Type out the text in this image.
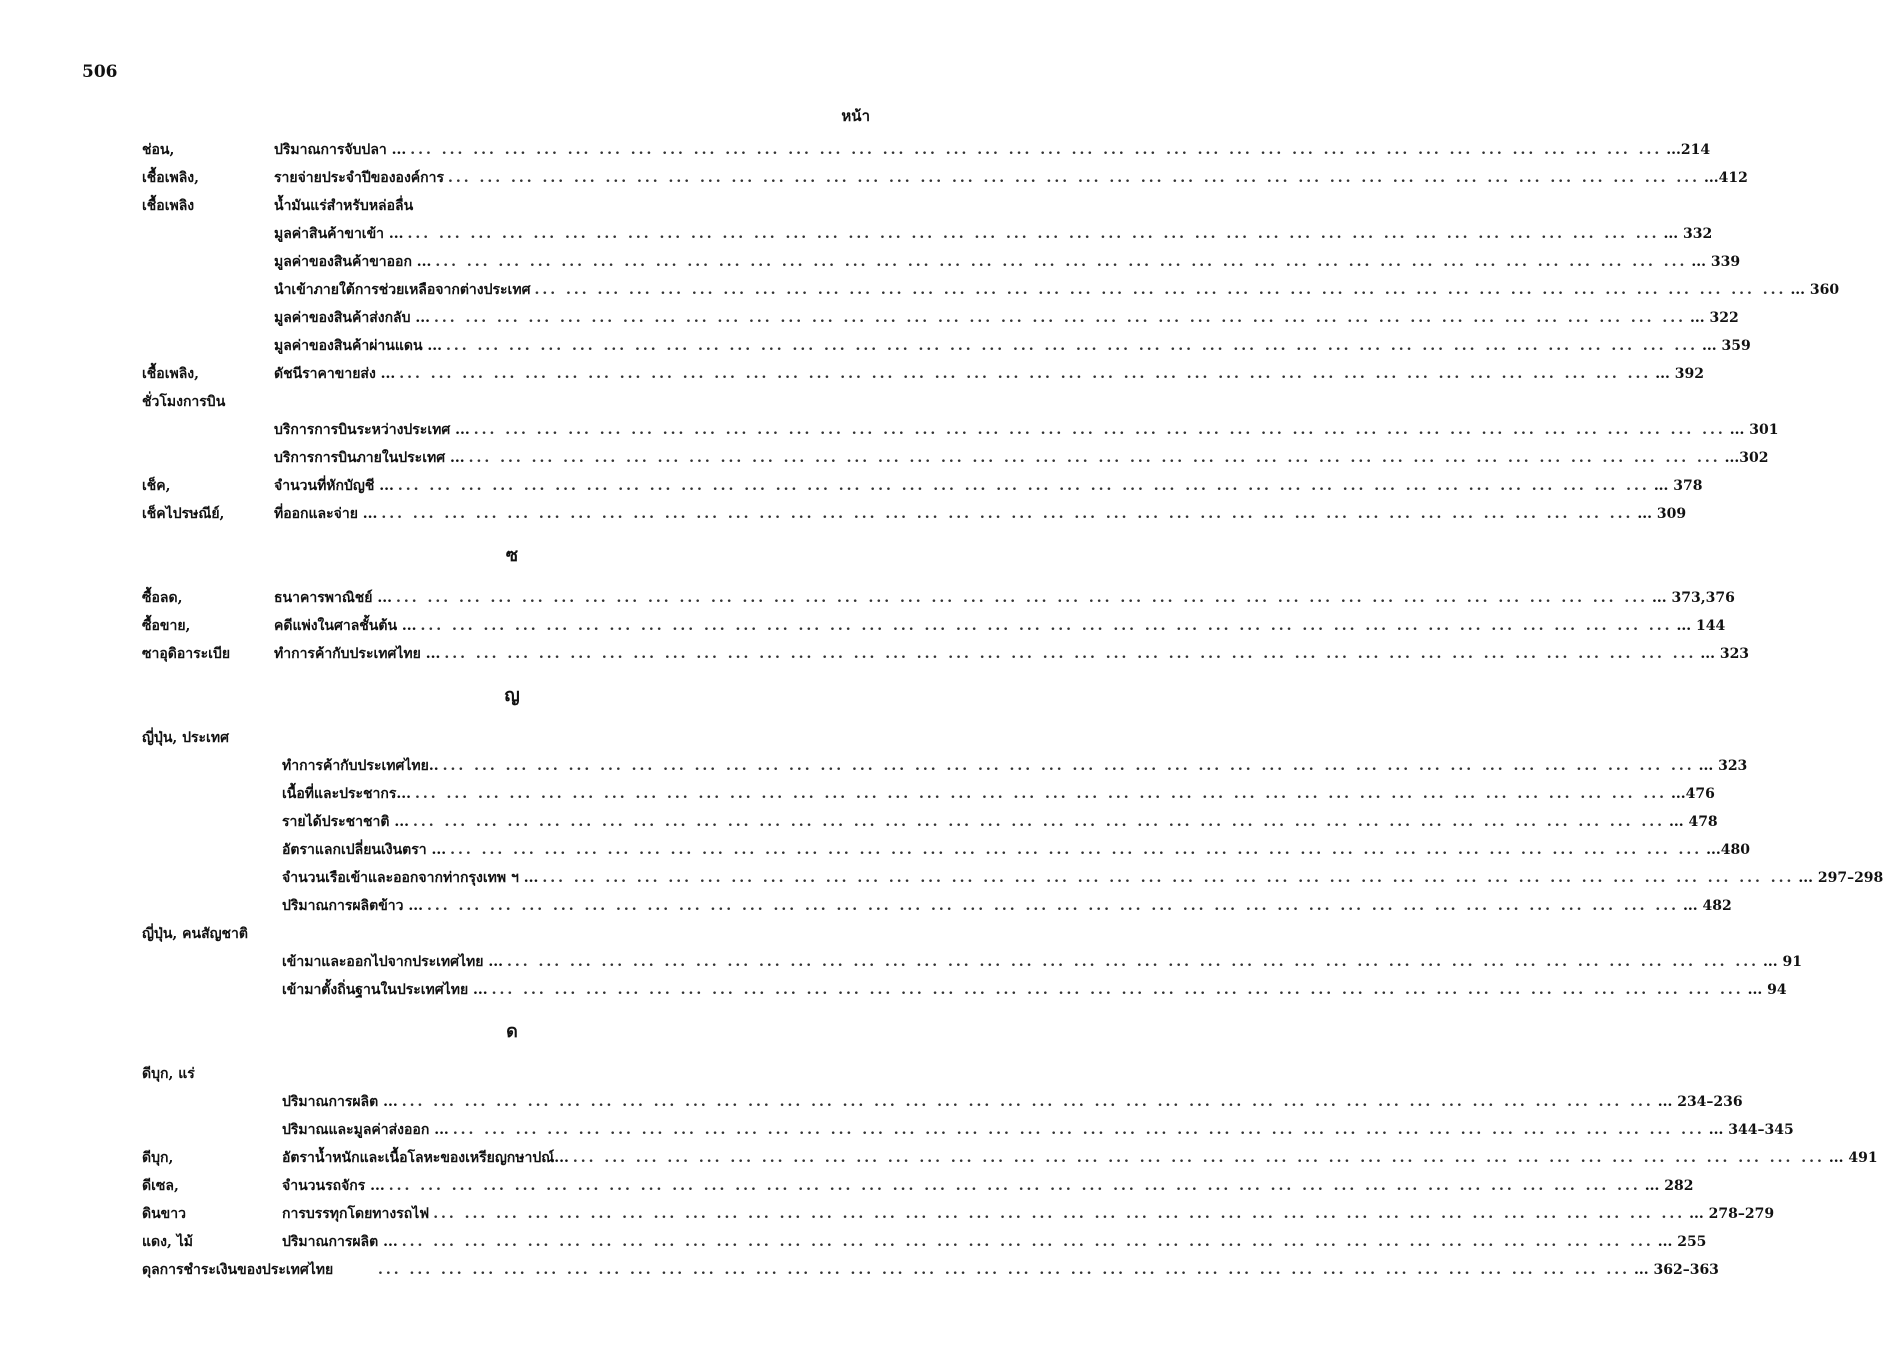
506
หน้า
ช่อน,	ปริมาณการจับปลา ... ... ... ... ... ... ... ... ... ... ... ... ... ... ... ... ... ... ... ... ... ... ... ... ... ... ... ... ... ... ... ... ... ... ... ... ... ... ... ... ... ...214
เชื้อเพลิง,	รายจ่ายประจำปีขององค์การ ... ... ... ... ... ... ... ... ... ... ... ... ... ... ... ... ... ... ... ... ... ... ... ... ... ... ... ... ... ... ... ... ... ... ... ... ... ... ... ... ...412
เชื้อเพลิง	น้ำมันแร่สำหรับหล่อลื่น
มูลค่าสินค้าขาเข้า ... ... ... ... ... ... ... ... ... ... ... ... ... ... ... ... ... ... ... ... ... ... ... ... ... ... ... ... ... ... ... ... ... ... ... ... ... ... ... ... ... ... 332
มูลค่าของสินค้าขาออก ... ... ... ... ... ... ... ... ... ... ... ... ... ... ... ... ... ... ... ... ... ... ... ... ... ... ... ... ... ... ... ... ... ... ... ... ... ... ... ... ... ... 339
นำเข้าภายใต้การช่วยเหลือจากต่างประเทศ ... ... ... ... ... ... ... ... ... ... ... ... ... ... ... ... ... ... ... ... ... ... ... ... ... ... ... ... ... ... ... ... ... ... ... ... ... ... ... ... ... 360
มูลค่าของสินค้าส่งกลับ ... ... ... ... ... ... ... ... ... ... ... ... ... ... ... ... ... ... ... ... ... ... ... ... ... ... ... ... ... ... ... ... ... ... ... ... ... ... ... ... ... ... 322
มูลค่าของสินค้าผ่านแดน ... ... ... ... ... ... ... ... ... ... ... ... ... ... ... ... ... ... ... ... ... ... ... ... ... ... ... ... ... ... ... ... ... ... ... ... ... ... ... ... ... ... 359
เชื้อเพลิง,	ดัชนีราคาขายส่ง ... ... ... ... ... ... ... ... ... ... ... ... ... ... ... ... ... ... ... ... ... ... ... ... ... ... ... ... ... ... ... ... ... ... ... ... ... ... ... ... ... ... 392
ชั่วโมงการบิน
บริการการบินระหว่างประเทศ ... ... ... ... ... ... ... ... ... ... ... ... ... ... ... ... ... ... ... ... ... ... ... ... ... ... ... ... ... ... ... ... ... ... ... ... ... ... ... ... ... ... 301
บริการการบินภายในประเทศ ... ... ... ... ... ... ... ... ... ... ... ... ... ... ... ... ... ... ... ... ... ... ... ... ... ... ... ... ... ... ... ... ... ... ... ... ... ... ... ... ... ...302
เช็ค,	จำนวนที่หักบัญชี ... ... ... ... ... ... ... ... ... ... ... ... ... ... ... ... ... ... ... ... ... ... ... ... ... ... ... ... ... ... ... ... ... ... ... ... ... ... ... ... ... ... 378
เช็คไปรษณีย์,	ที่ออกและจ่าย ... ... ... ... ... ... ... ... ... ... ... ... ... ... ... ... ... ... ... ... ... ... ... ... ... ... ... ... ... ... ... ... ... ... ... ... ... ... ... ... ... ... 309
ซ
ซื้อลด,	ธนาคารพาณิชย์ ... ... ... ... ... ... ... ... ... ... ... ... ... ... ... ... ... ... ... ... ... ... ... ... ... ... ... ... ... ... ... ... ... ... ... ... ... ... ... ... ... ... 373,376
ซื้อขาย,	คดีแพ่งในศาลชั้นต้น ... ... ... ... ... ... ... ... ... ... ... ... ... ... ... ... ... ... ... ... ... ... ... ... ... ... ... ... ... ... ... ... ... ... ... ... ... ... ... ... ... ... 144
ซาอุดิอาระเบีย	ทำการค้ากับประเทศไทย ... ... ... ... ... ... ... ... ... ... ... ... ... ... ... ... ... ... ... ... ... ... ... ... ... ... ... ... ... ... ... ... ... ... ... ... ... ... ... ... ... ... 323
ญ
ญี่ปุ่น, ประเทศ
ทำการค้ากับประเทศไทย.. ... ... ... ... ... ... ... ... ... ... ... ... ... ... ... ... ... ... ... ... ... ... ... ... ... ... ... ... ... ... ... ... ... ... ... ... ... ... ... ... ... 323
เนื้อที่และประชากร... ... ... ... ... ... ... ... ... ... ... ... ... ... ... ... ... ... ... ... ... ... ... ... ... ... ... ... ... ... ... ... ... ... ... ... ... ... ... ... ... ...476
รายได้ประชาชาติ ... ... ... ... ... ... ... ... ... ... ... ... ... ... ... ... ... ... ... ... ... ... ... ... ... ... ... ... ... ... ... ... ... ... ... ... ... ... ... ... ... ... 478
อัตราแลกเปลี่ยนเงินตรา ... ... ... ... ... ... ... ... ... ... ... ... ... ... ... ... ... ... ... ... ... ... ... ... ... ... ... ... ... ... ... ... ... ... ... ... ... ... ... ... ... ...480
จำนวนเรือเข้าและออกจากท่ากรุงเทพ ฯ ... ... ... ... ... ... ... ... ... ... ... ... ... ... ... ... ... ... ... ... ... ... ... ... ... ... ... ... ... ... ... ... ... ... ... ... ... ... ... ... ... ... 297–298
ปริมาณการผลิตข้าว ... ... ... ... ... ... ... ... ... ... ... ... ... ... ... ... ... ... ... ... ... ... ... ... ... ... ... ... ... ... ... ... ... ... ... ... ... ... ... ... ... ... 482
ญี่ปุ่น, คนสัญชาติ
เข้ามาและออกไปจากประเทศไทย ... ... ... ... ... ... ... ... ... ... ... ... ... ... ... ... ... ... ... ... ... ... ... ... ... ... ... ... ... ... ... ... ... ... ... ... ... ... ... ... ... ... 91
เข้ามาตั้งถิ่นฐานในประเทศไทย ... ... ... ... ... ... ... ... ... ... ... ... ... ... ... ... ... ... ... ... ... ... ... ... ... ... ... ... ... ... ... ... ... ... ... ... ... ... ... ... ... ... 94
ด
ดีบุก, แร่
ปริมาณการผลิต ... ... ... ... ... ... ... ... ... ... ... ... ... ... ... ... ... ... ... ... ... ... ... ... ... ... ... ... ... ... ... ... ... ... ... ... ... ... ... ... ... ... 234–236
ปริมาณและมูลค่าส่งออก ... ... ... ... ... ... ... ... ... ... ... ... ... ... ... ... ... ... ... ... ... ... ... ... ... ... ... ... ... ... ... ... ... ... ... ... ... ... ... ... ... ... 344–345
ดีบุก,	อัตราน้ำหนักและเนื้อโลหะของเหรียญกษาปณ์... ... ... ... ... ... ... ... ... ... ... ... ... ... ... ... ... ... ... ... ... ... ... ... ... ... ... ... ... ... ... ... ... ... ... ... ... ... ... ... ... ... 491
ดีเซล,	จำนวนรถจักร ... ... ... ... ... ... ... ... ... ... ... ... ... ... ... ... ... ... ... ... ... ... ... ... ... ... ... ... ... ... ... ... ... ... ... ... ... ... ... ... ... ... 282
ดินขาว	การบรรทุกโดยทางรถไฟ ... ... ... ... ... ... ... ... ... ... ... ... ... ... ... ... ... ... ... ... ... ... ... ... ... ... ... ... ... ... ... ... ... ... ... ... ... ... ... ... ... 278–279
แดง, ไม้	ปริมาณการผลิต ... ... ... ... ... ... ... ... ... ... ... ... ... ... ... ... ... ... ... ... ... ... ... ... ... ... ... ... ... ... ... ... ... ... ... ... ... ... ... ... ... ... 255
ดุลการชำระเงินของประเทศไทย	... ... ... ... ... ... ... ... ... ... ... ... ... ... ... ... ... ... ... ... ... ... ... ... ... ... ... ... ... ... ... ... ... ... ... ... ... ... ... ... ... 362–363
